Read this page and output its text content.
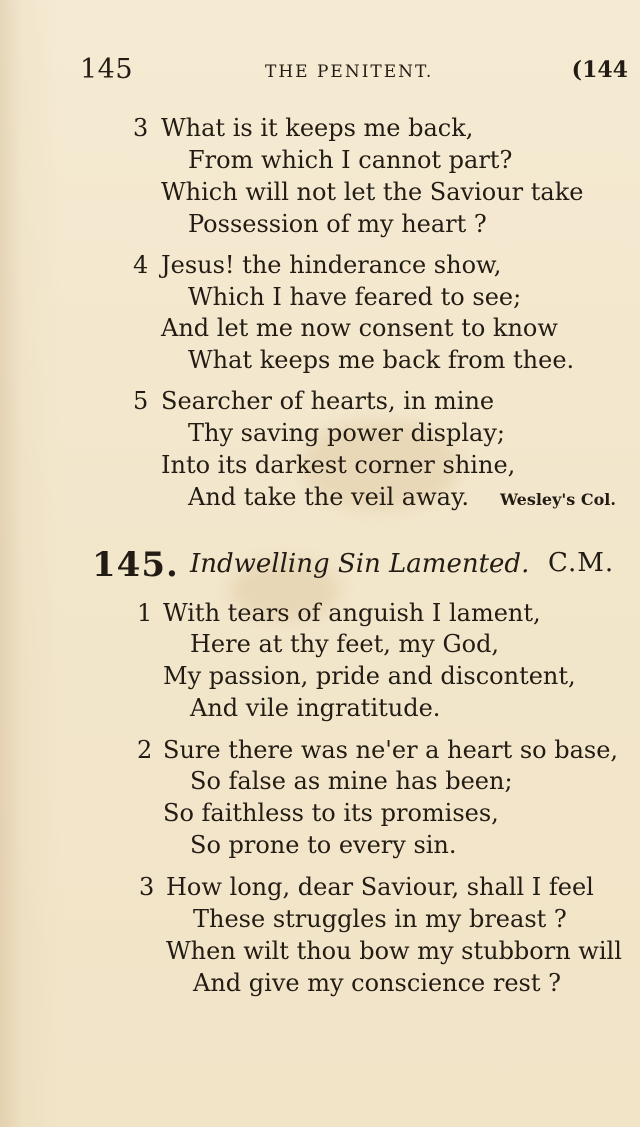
145	THE PENITENT.	(144
3 What is it keeps me back,
From which I cannot part?
Which will not let the Saviour take
Possession of my heart ?
4 Jesus! the hinderance show,
Which I have feared to see;
And let me now consent to know
What keeps me back from thee.
5 Searcher of hearts, in mine
Thy saving power display;
Into its darkest corner shine,
And take the veil away. Wesley's Col.
145. Indwelling Sin Lamented. C.M.
1 With tears of anguish I lament,
Here at thy feet, my God,
My passion, pride and discontent,
And vile ingratitude.
2 Sure there was ne'er a heart so base,
So false as mine has been;
So faithless to its promises,
So prone to every sin.
3 How long, dear Saviour, shall I feel
These struggles in my breast ?
When wilt thou bow my stubborn will
And give my conscience rest ?
